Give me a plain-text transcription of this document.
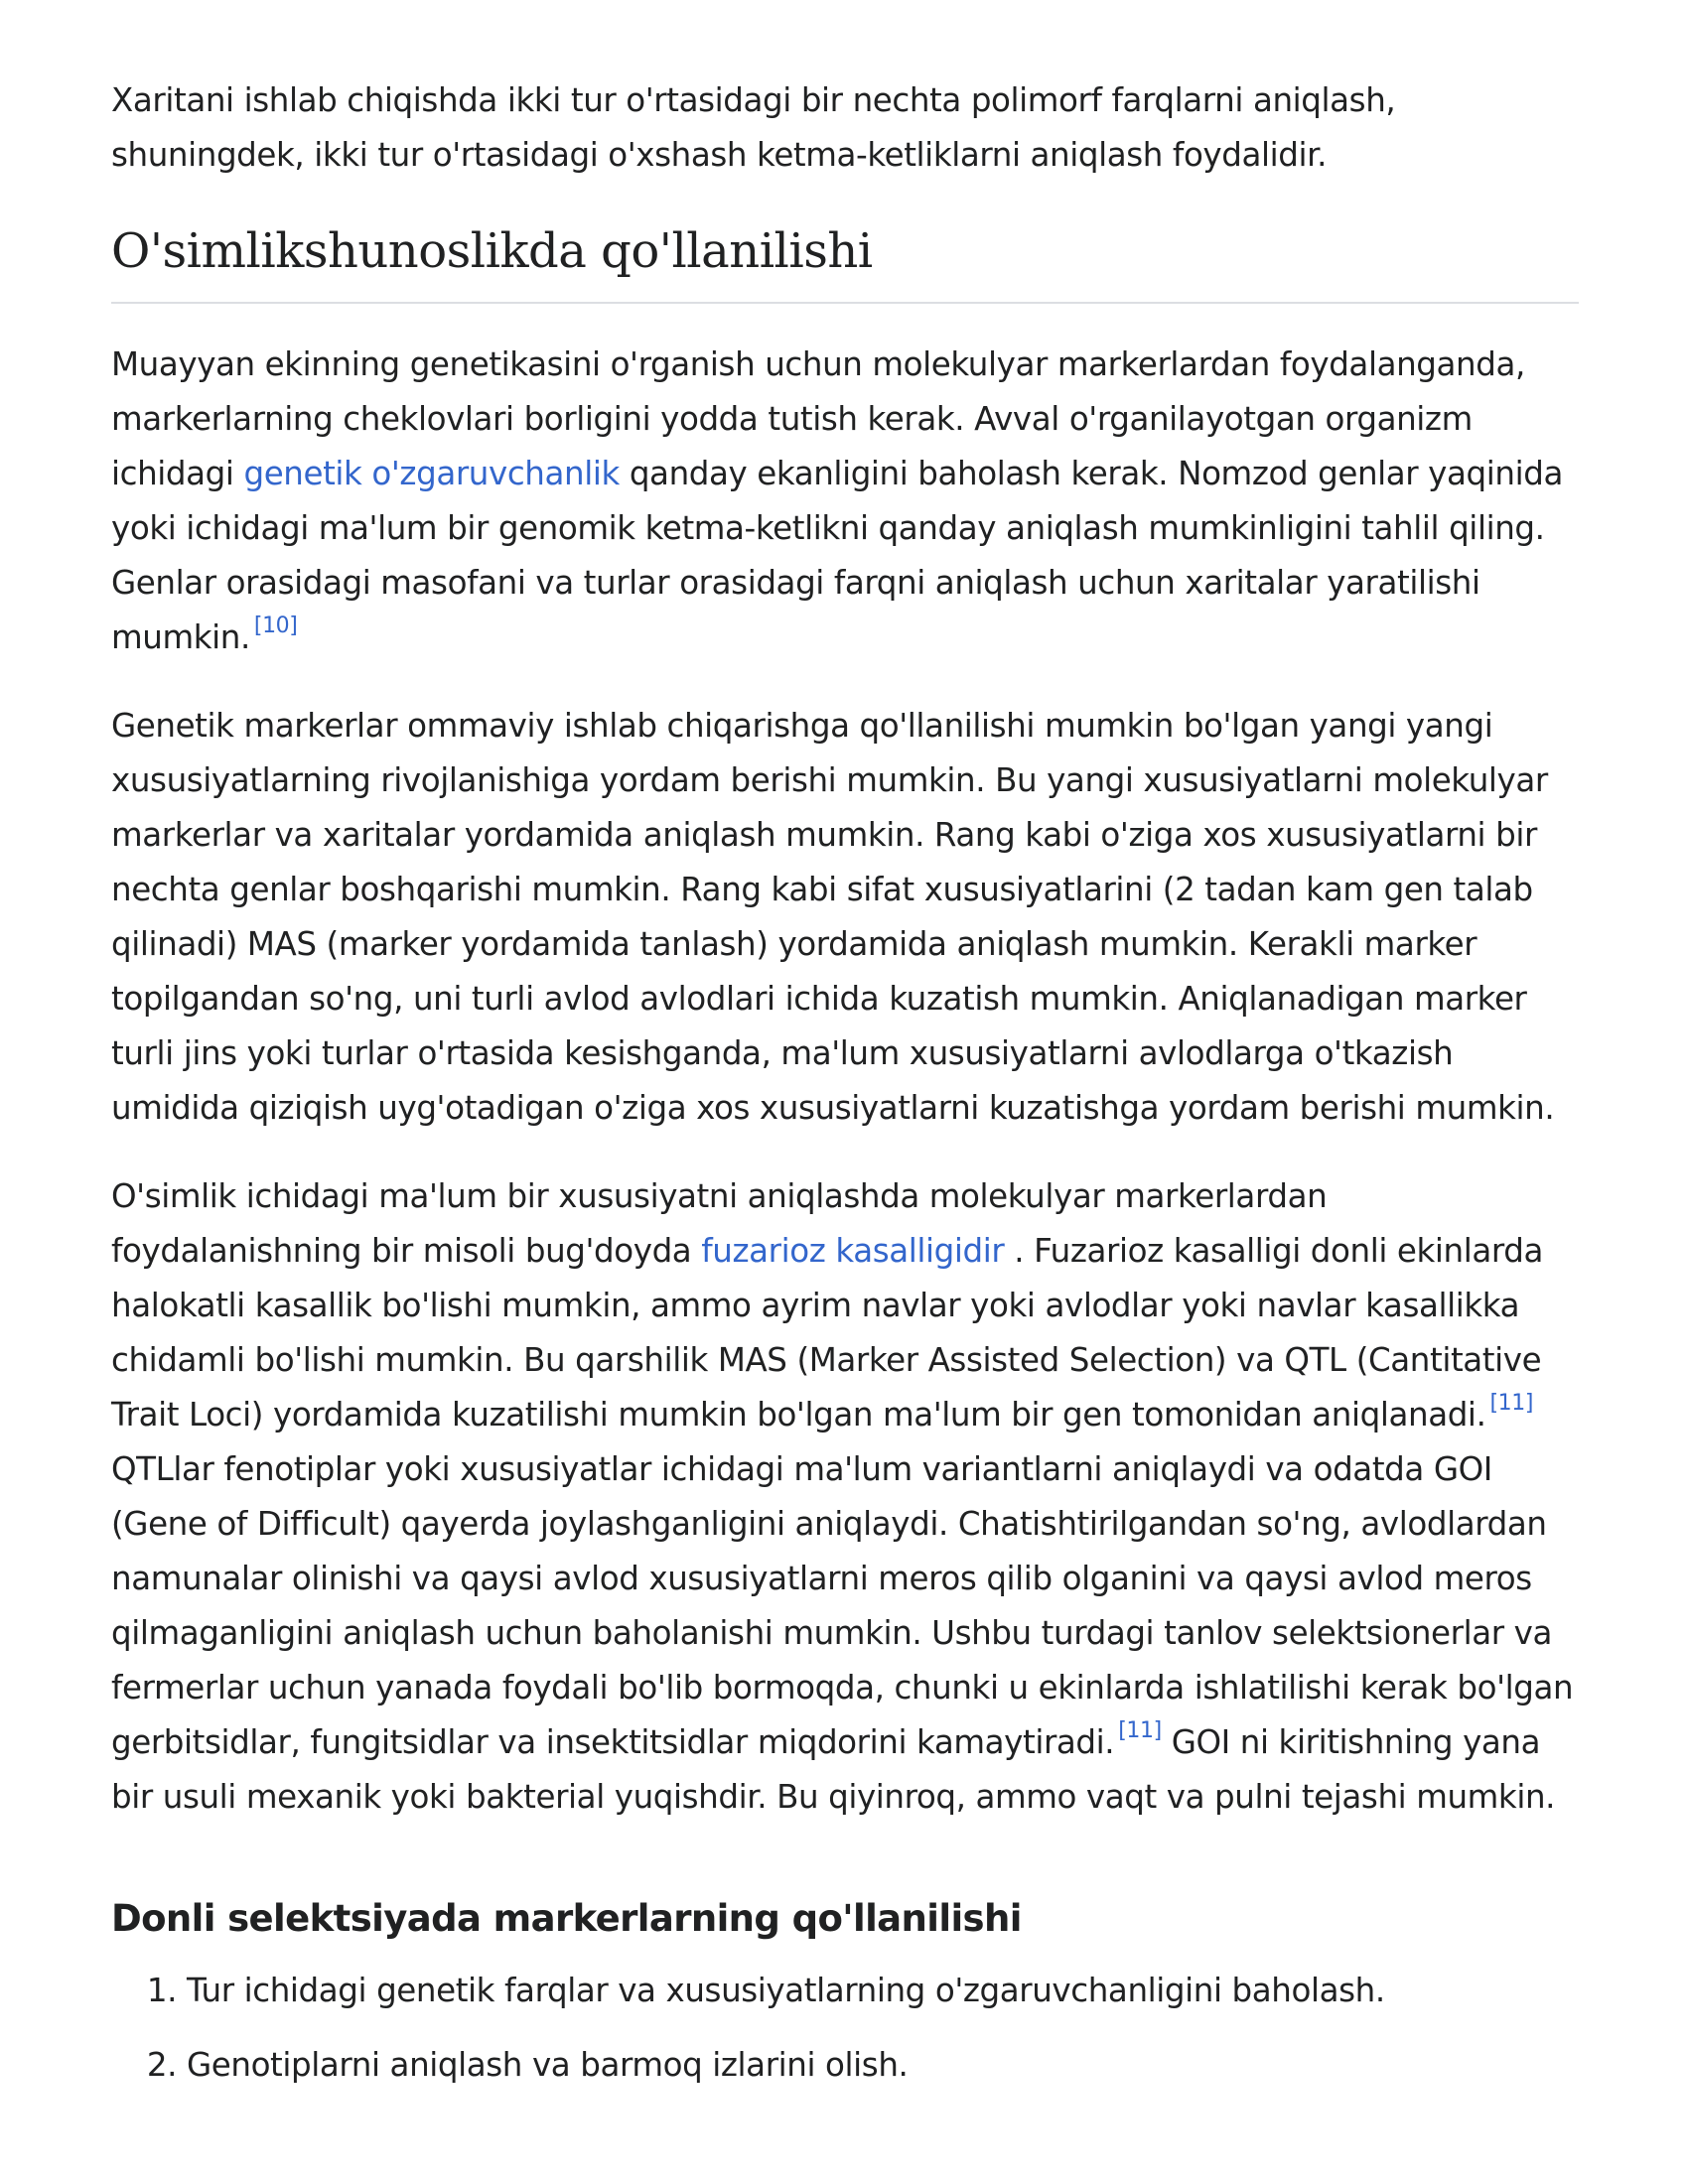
Xaritani ishlab chiqishda ikki tur o'rtasidagi bir nechta polimorf farqlarni aniqlash, shuningdek, ikki tur o'rtasidagi o'xshash ketma-ketliklarni aniqlash foydalidir.

O'simlikshunoslikda qo'llanilishi

Muayyan ekinning genetikasini o'rganish uchun molekulyar markerlardan foydalanganda, markerlarning cheklovlari borligini yodda tutish kerak. Avval o'rganilayotgan organizm ichidagi genetik o'zgaruvchanlik qanday ekanligini baholash kerak. Nomzod genlar yaqinida yoki ichidagi ma'lum bir genomik ketma-ketlikni qanday aniqlash mumkinligini tahlil qiling. Genlar orasidagi masofani va turlar orasidagi farqni aniqlash uchun xaritalar yaratilishi mumkin. [10]

Genetik markerlar ommaviy ishlab chiqarishga qo'llanilishi mumkin bo'lgan yangi yangi xususiyatlarning rivojlanishiga yordam berishi mumkin. Bu yangi xususiyatlarni molekulyar markerlar va xaritalar yordamida aniqlash mumkin. Rang kabi o'ziga xos xususiyatlarni bir nechta genlar boshqarishi mumkin. Rang kabi sifat xususiyatlarini (2 tadan kam gen talab qilinadi) MAS (marker yordamida tanlash) yordamida aniqlash mumkin. Kerakli marker topilgandan so'ng, uni turli avlod avlodlari ichida kuzatish mumkin. Aniqlanadigan marker turli jins yoki turlar o'rtasida kesishganda, ma'lum xususiyatlarni avlodlarga o'tkazish umidida qiziqish uyg'otadigan o'ziga xos xususiyatlarni kuzatishga yordam berishi mumkin.

O'simlik ichidagi ma'lum bir xususiyatni aniqlashda molekulyar markerlardan foydalanishning bir misoli bug'doyda fuzarioz kasalligidir . Fuzarioz kasalligi donli ekinlarda halokatli kasallik bo'lishi mumkin, ammo ayrim navlar yoki avlodlar yoki navlar kasallikka chidamli bo'lishi mumkin. Bu qarshilik MAS (Marker Assisted Selection) va QTL (Cantitative Trait Loci) yordamida kuzatilishi mumkin bo'lgan ma'lum bir gen tomonidan aniqlanadi. [11] QTLlar fenotiplar yoki xususiyatlar ichidagi ma'lum variantlarni aniqlaydi va odatda GOI (Gene of Difficult) qayerda joylashganligini aniqlaydi. Chatishtirilgandan so'ng, avlodlardan namunalar olinishi va qaysi avlod xususiyatlarni meros qilib olganini va qaysi avlod meros qilmaganligini aniqlash uchun baholanishi mumkin. Ushbu turdagi tanlov selektsionerlar va fermerlar uchun yanada foydali bo'lib bormoqda, chunki u ekinlarda ishlatilishi kerak bo'lgan gerbitsidlar, fungitsidlar va insektitsidlar miqdorini kamaytiradi. [11] GOI ni kiritishning yana bir usuli mexanik yoki bakterial yuqishdir. Bu qiyinroq, ammo vaqt va pulni tejashi mumkin.

Donli selektsiyada markerlarning qo'llanilishi
1. Tur ichidagi genetik farqlar va xususiyatlarning o'zgaruvchanligini baholash.
2. Genotiplarni aniqlash va barmoq izlarini olish.
